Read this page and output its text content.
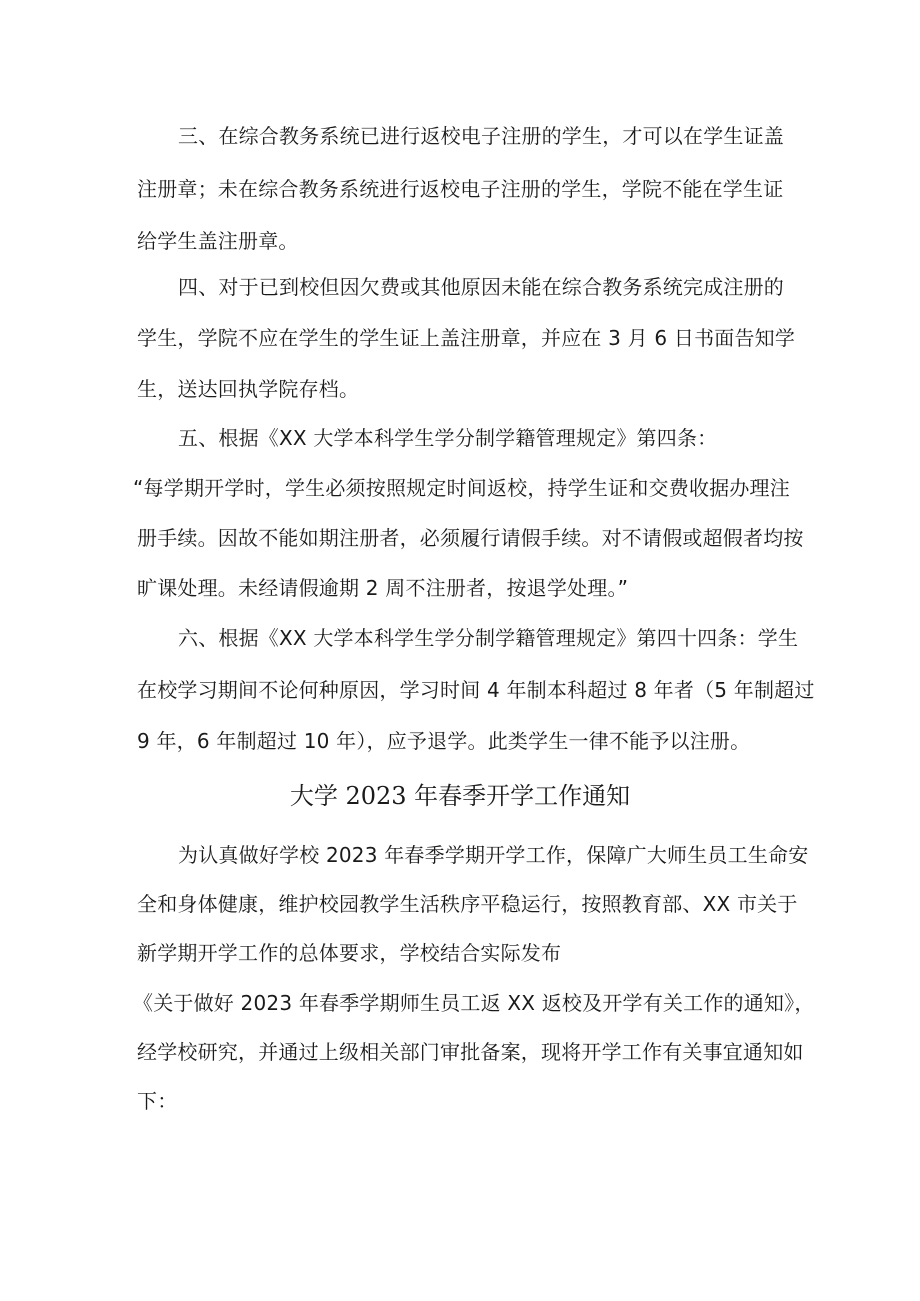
三、在综合教务系统已进行返校电子注册的学生，才可以在学生证盖
注册章；未在综合教务系统进行返校电子注册的学生，学院不能在学生证
给学生盖注册章。
四、对于已到校但因欠费或其他原因未能在综合教务系统完成注册的
学生，学院不应在学生的学生证上盖注册章，并应在 3 月 6 日书面告知学
生，送达回执学院存档。
五、根据《XX 大学本科学生学分制学籍管理规定》第四条：
“每学期开学时，学生必须按照规定时间返校，持学生证和交费收据办理注
册手续。因故不能如期注册者，必须履行请假手续。对不请假或超假者均按
旷课处理。未经请假逾期 2 周不注册者，按退学处理。”
六、根据《XX 大学本科学生学分制学籍管理规定》第四十四条：学生
在校学习期间不论何种原因，学习时间 4 年制本科超过 8 年者（5 年制超过
9 年，6 年制超过 10 年），应予退学。此类学生一律不能予以注册。
大学 2023 年春季开学工作通知
为认真做好学校 2023 年春季学期开学工作，保障广大师生员工生命安
全和身体健康，维护校园教学生活秩序平稳运行，按照教育部、XX 市关于
新学期开学工作的总体要求，学校结合实际发布
《关于做好 2023 年春季学期师生员工返 XX 返校及开学有关工作的通知》，
经学校研究，并通过上级相关部门审批备案，现将开学工作有关事宜通知如
下：
